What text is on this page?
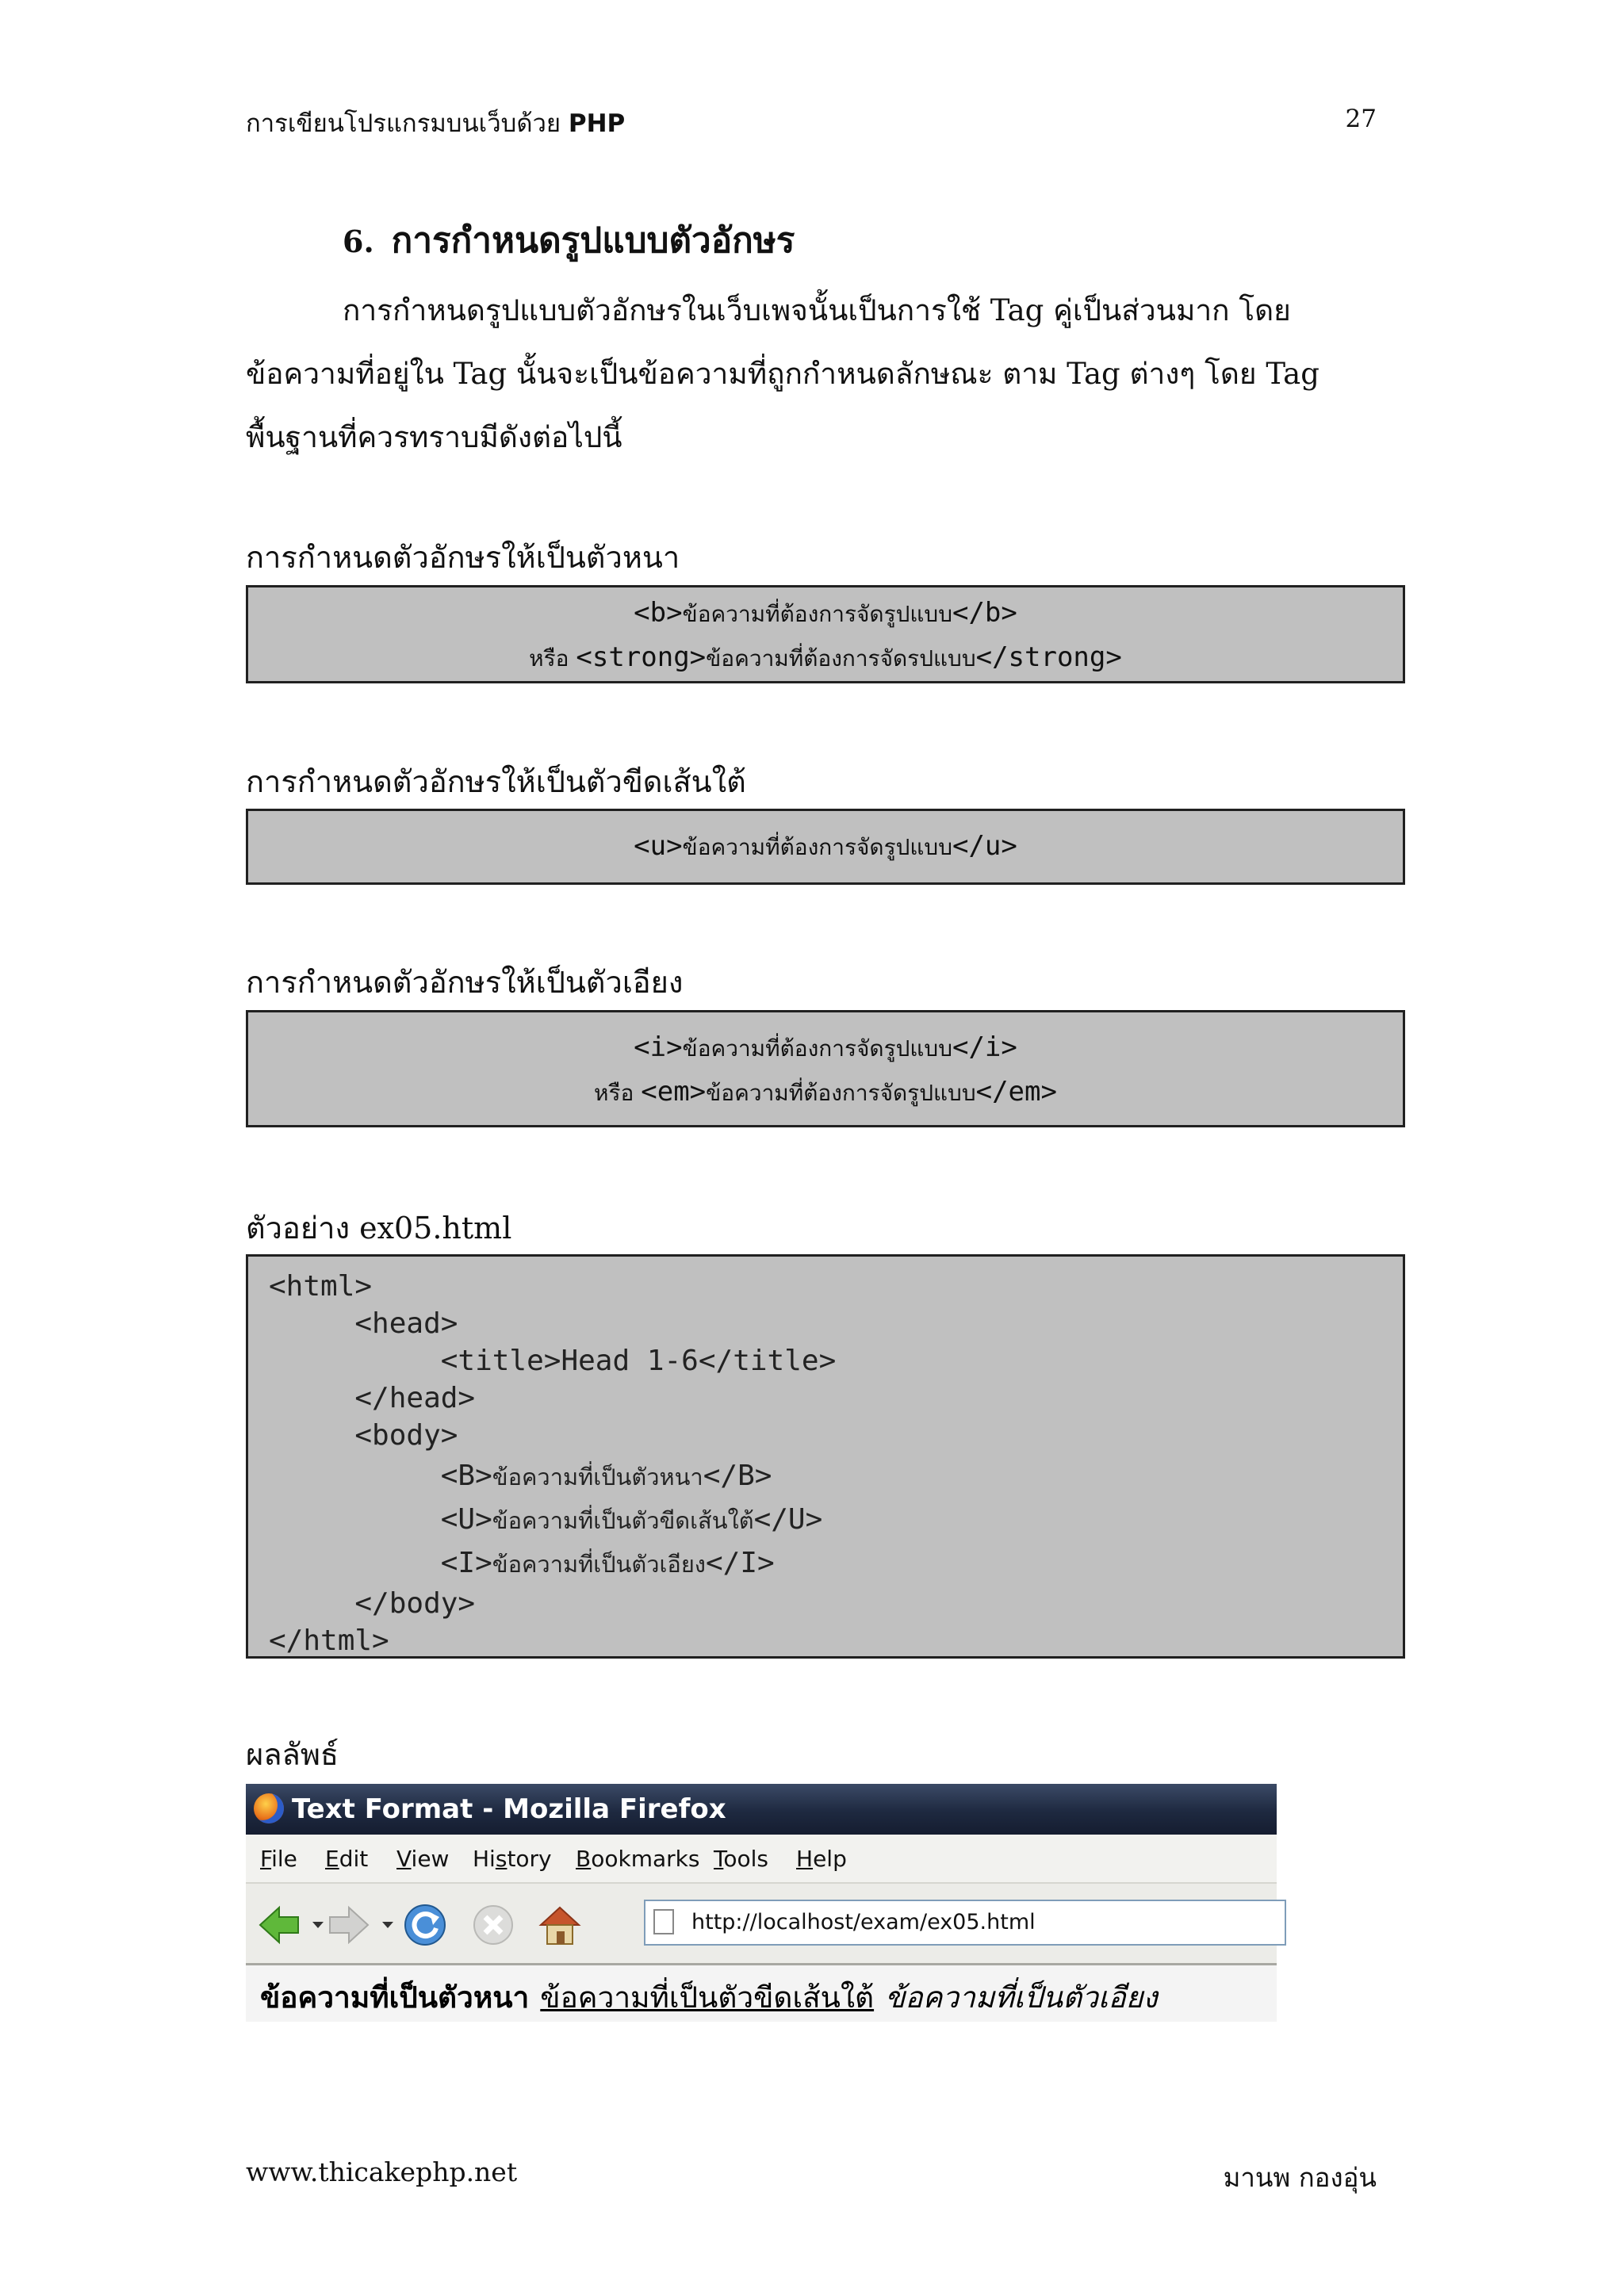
การเขียนโปรแกรมบนเว็บด้วย PHP	27
6. การกำหนดรูปแบบตัวอักษร
การกำหนดรูปแบบตัวอักษรในเว็บเพจนั้นเป็นการใช้ Tag คู่เป็นส่วนมาก โดย
ข้อความที่อยู่ใน Tag นั้นจะเป็นข้อความที่ถูกกำหนดลักษณะ ตาม Tag ต่างๆ โดย Tag
พื้นฐานที่ควรทราบมีดังต่อไปนี้
การกำหนดตัวอักษรให้เป็นตัวหนา
<b>ข้อความที่ต้องการจัดรูปแบบ</b>
หรือ <strong>ข้อความที่ต้องการจัดรปแบบ</strong>
การกำหนดตัวอักษรให้เป็นตัวขีดเส้นใต้
<u>ข้อความที่ต้องการจัดรูปแบบ</u>
การกำหนดตัวอักษรให้เป็นตัวเอียง
<i>ข้อความที่ต้องการจัดรูปแบบ</i>
หรือ <em>ข้อความที่ต้องการจัดรูปแบบ</em>
ตัวอย่าง ex05.html
<html>
<head>
<title>Head 1-6</title>
</head>
<body>
<B>ข้อความที่เป็นตัวหนา</B>
<U>ข้อความที่เป็นตัวขีดเส้นใต้</U>
<I>ข้อความที่เป็นตัวเอียง</I>
</body>
</html>
ผลลัพธ์
Text Format - Mozilla Firefox
File Edit View History Bookmarks Tools Help
http://localhost/exam/ex05.html
ข้อความที่เป็นตัวหนา ข้อความที่เป็นตัวขีดเส้นใต้ ข้อความที่เป็นตัวเอียง
www.thicakephp.net	มานพ กองอุ่น
